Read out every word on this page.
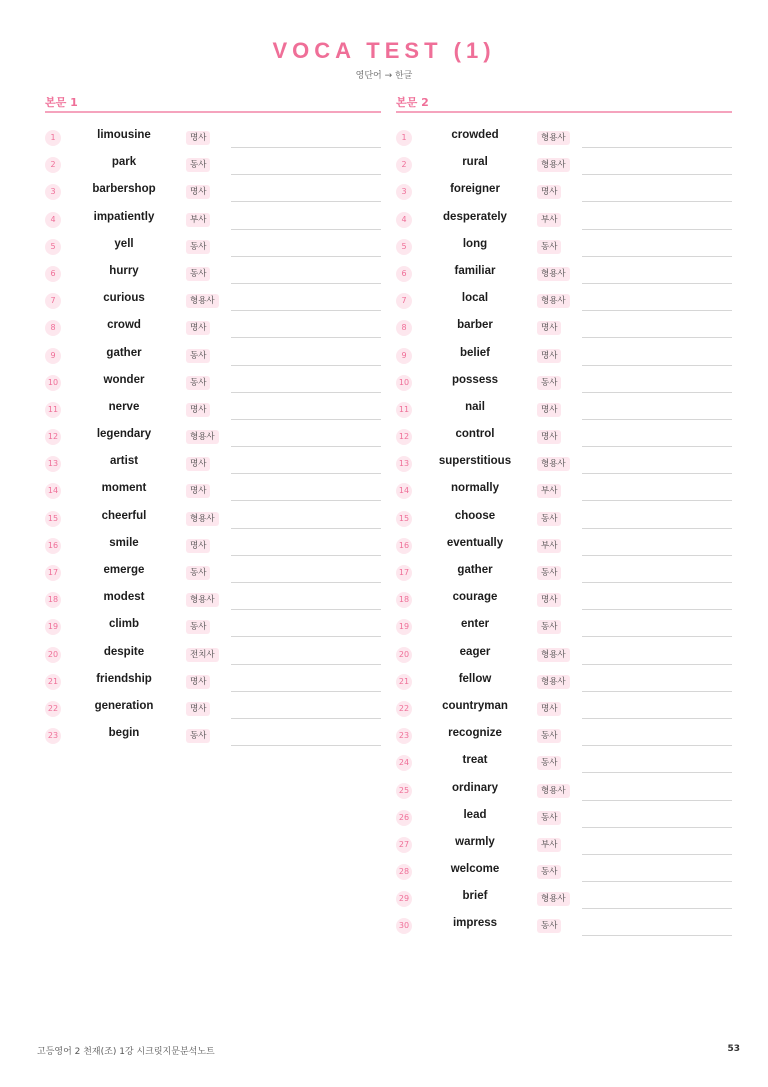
VOCA TEST (1)
영단어 → 한글
본문 1
1	limousine	명사
2	park	동사
3	barbershop	명사
4	impatiently	부사
5	yell	동사
6	hurry	동사
7	curious	형용사
8	crowd	명사
9	gather	동사
10	wonder	동사
11	nerve	명사
12	legendary	형용사
13	artist	명사
14	moment	명사
15	cheerful	형용사
16	smile	명사
17	emerge	동사
18	modest	형용사
19	climb	동사
20	despite	전치사
21	friendship	명사
22	generation	명사
23	begin	동사
본문 2
1	crowded	형용사
2	rural	형용사
3	foreigner	명사
4	desperately	부사
5	long	동사
6	familiar	형용사
7	local	형용사
8	barber	명사
9	belief	명사
10	possess	동사
11	nail	명사
12	control	명사
13	superstitious	형용사
14	normally	부사
15	choose	동사
16	eventually	부사
17	gather	동사
18	courage	명사
19	enter	동사
20	eager	형용사
21	fellow	형용사
22	countryman	명사
23	recognize	동사
24	treat	동사
25	ordinary	형용사
26	lead	동사
27	warmly	부사
28	welcome	동사
29	brief	형용사
30	impress	동사
고등영어 2 천재(조) 1강 시크릿지문분석노트	53
